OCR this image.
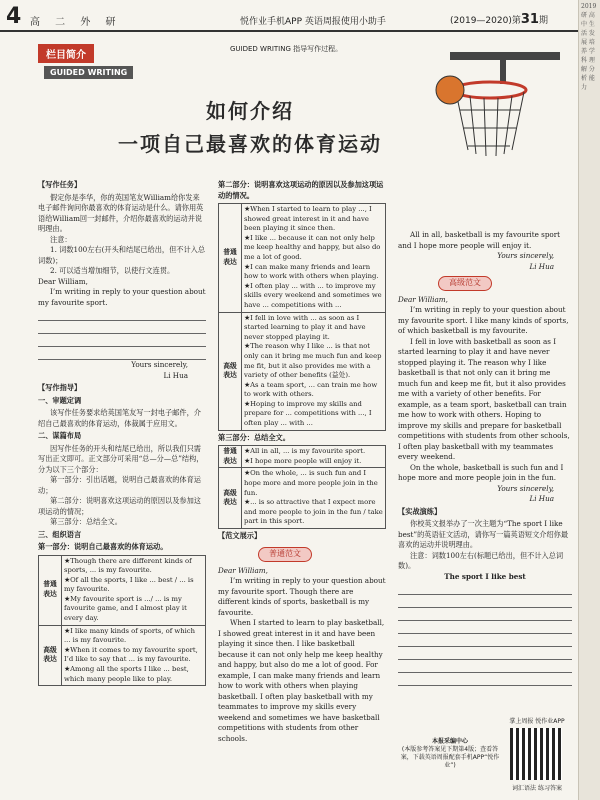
4 高 二 外 研	悦作业手机APP 英语周报使用小助手	(2019—2020)第31期
栏目简介
GUIDED WRITING 指导写作过程。
GUIDED WRITING
如何介绍
一项自己最喜欢的体育运动
【写作任务】

假定你是李华，你的英国笔友William给你发来电子邮件询问你最喜欢的体育运动是什么。请你用英语给William回一封邮件，介绍你最喜欢的运动并说明理由。

注意：

1. 词数100左右(开头和结尾已给出，但不计入总词数)；

2. 可以适当增加细节，以使行文连贯。

Dear William,

I’m writing in reply to your question about my favourite sport.

Yours sincerely,

Li Hua

【写作指导】
一、审题定调

该写作任务要求给英国笔友写一封电子邮件，介绍自己最喜欢的体育运动，体裁属于应用文。

二、谋篇布局

因写作任务的开头和结尾已给出，所以我们只需写出正文即可。正文部分可采用“总—分—总”结构，分为以下三个部分：

第一部分：引出话题，说明自己最喜欢的体育运动；

第二部分：说明喜欢这项运动的原因以及参加这项运动的情况；

第三部分：总结全文。

三、组织语言
第一部分：说明自己最喜欢的体育运动。
普通表达	★Though there are different kinds of sports, ... is my favourite.
★Of all the sports, I like ... best / ... is my favourite.
★My favourite sport is .../ ... is my favourite game, and I almost play it every day.

高级表达	★I like many kinds of sports, of which ... is my favourite.
★When it comes to my favourite sport, I’d like to say that ... is my favourite.
★Among all the sports I like ... best, which many people like to play.
第二部分：说明喜欢这项运动的原因以及参加这项运动的情况。
普通表达	★When I started to learn to play ..., I showed great interest in it and have been playing it since then.
★I like ... because it can not only help me keep healthy and happy, but also do me a lot of good.
★I can make many friends and learn how to work with others when playing.
★I often play ... with ... to improve my skills every weekend and sometimes we have ... competitions with ...

高级表达	★I fell in love with ... as soon as I started learning to play it and have never stopped playing it.
★The reason why I like ... is that not only can it bring me much fun and keep me fit, but it also provides me with a variety of other benefits (益处).
★As a team sport, ... can train me how to work with others.
★Hoping to improve my skills and prepare for ... competitions with ..., I often play ... with ...
第三部分：总结全文。
普通表达	★All in all, ... is my favourite sport.
★I hope more people will enjoy it.

高级表达	★On the whole, ... is such fun and I hope more and more people join in the fun.
★... is so attractive that I expect more and more people to join in the fun / take part in this sport.
【范文展示】
普通范文

Dear William,

I’m writing in reply to your question about my favourite sport. Though there are different kinds of sports, basketball is my favourite.

When I started to learn to play basketball, I showed great interest in it and have been playing it since then. I like basketball because it can not only help me keep healthy and happy, but also do me a lot of good. For example, I can make many friends and learn how to work with others when playing basketball. I often play basketball with my teammates to improve my skills every weekend and sometimes we have basketball competitions with students from other schools.

All in all, basketball is my favourite sport and I hope more people will enjoy it.

Yours sincerely,

Li Hua

高级范文

Dear William,

I’m writing in reply to your question about my favourite sport. I like many kinds of sports, of which basketball is my favourite.

I fell in love with basketball as soon as I started learning to play it and have never stopped playing it. The reason why I like basketball is that not only can it bring me much fun and keep me fit, but it also provides me with a variety of other benefits. For example, as a team sport, basketball can train me how to work with others. Hoping to improve my skills and prepare for basketball competitions with students from other schools, I often play basketball with my teammates every weekend.

On the whole, basketball is such fun and I hope more and more people join in the fun.

Yours sincerely,

Li Hua

【实战演练】

你校英文报举办了一次主题为“The sport I like best”的英语征文活动，请你写一篇英语短文介绍你最喜欢的运动并说明理由。

注意：词数100左右(标题已给出，但不计入总词数)。

The sport I like best

掌上周报 悦作业APP
本报采编中心
(本版参考答案见下期第4版；查看答案，下载英语周报配套手机APP“悦作业”)
词汇语法 练习答案
2019 研 高中 生活 发展 培养 学科 理解 分析 能力
